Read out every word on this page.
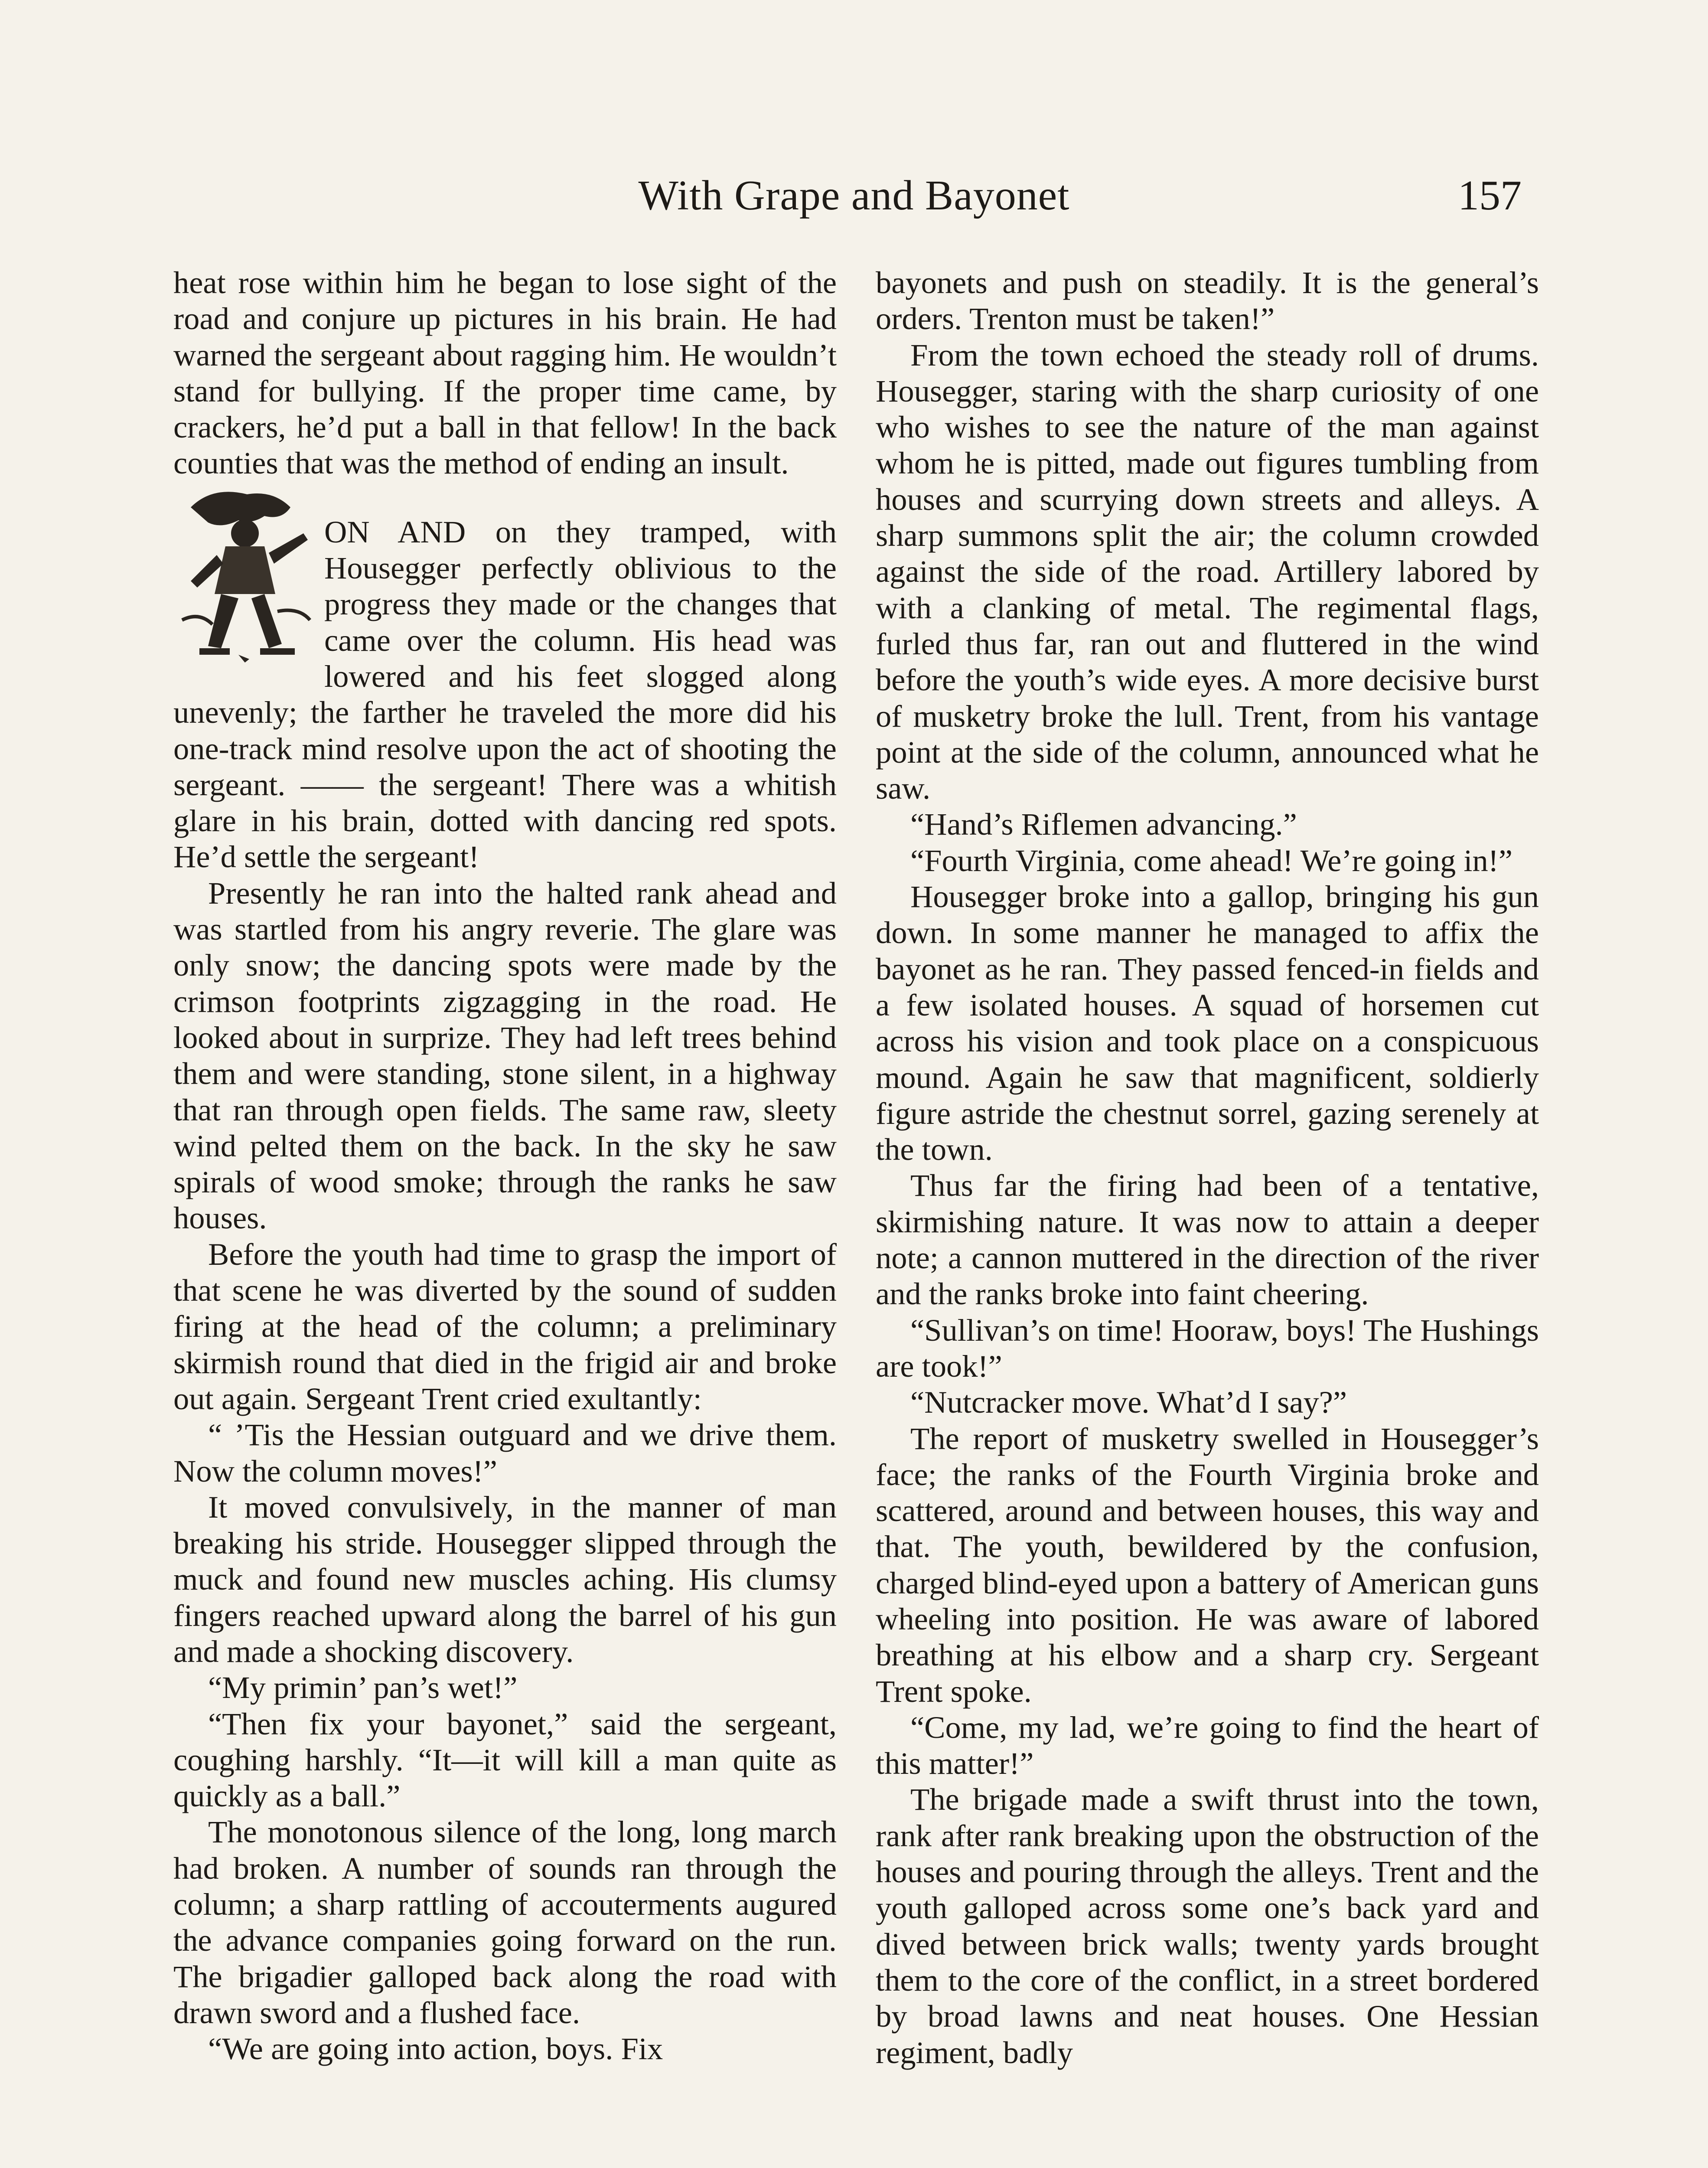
With Grape and Bayonet	157

heat rose within him he began to lose sight of the road and conjure up pictures in his brain. He had warned the sergeant about ragging him. He wouldn’t stand for bullying. If the proper time came, by crackers, he’d put a ball in that fellow! In the back counties that was the method of ending an insult.

ON AND on they tramped, with Housegger perfectly oblivious to the progress they made or the changes that came over the column. His head was lowered and his feet slogged along unevenly; the farther he traveled the more did his one-track mind resolve upon the act of shooting the sergeant. —— the sergeant! There was a whitish glare in his brain, dotted with dancing red spots. He’d settle the sergeant!

Presently he ran into the halted rank ahead and was startled from his angry reverie. The glare was only snow; the dancing spots were made by the crimson footprints zigzagging in the road. He looked about in surprize. They had left trees behind them and were standing, stone silent, in a highway that ran through open fields. The same raw, sleety wind pelted them on the back. In the sky he saw spirals of wood smoke; through the ranks he saw houses.

Before the youth had time to grasp the import of that scene he was diverted by the sound of sudden firing at the head of the column; a preliminary skirmish round that died in the frigid air and broke out again. Sergeant Trent cried exultantly:

“ ’Tis the Hessian outguard and we drive them. Now the column moves!”

It moved convulsively, in the manner of man breaking his stride. Housegger slipped through the muck and found new muscles aching. His clumsy fingers reached upward along the barrel of his gun and made a shocking discovery.

“My primin’ pan’s wet!”

“Then fix your bayonet,” said the sergeant, coughing harshly. “It—it will kill a man quite as quickly as a ball.”

The monotonous silence of the long, long march had broken. A number of sounds ran through the column; a sharp rattling of accouterments augured the advance companies going forward on the run. The brigadier galloped back along the road with drawn sword and a flushed face.

“We are going into action, boys. Fix

bayonets and push on steadily. It is the general’s orders. Trenton must be taken!”

From the town echoed the steady roll of drums. Housegger, staring with the sharp curiosity of one who wishes to see the nature of the man against whom he is pitted, made out figures tumbling from houses and scurrying down streets and alleys. A sharp summons split the air; the column crowded against the side of the road. Artillery labored by with a clanking of metal. The regimental flags, furled thus far, ran out and fluttered in the wind before the youth’s wide eyes. A more decisive burst of musketry broke the lull. Trent, from his vantage point at the side of the column, announced what he saw.

“Hand’s Riflemen advancing.”

“Fourth Virginia, come ahead! We’re going in!”

Housegger broke into a gallop, bringing his gun down. In some manner he managed to affix the bayonet as he ran. They passed fenced-in fields and a few isolated houses. A squad of horsemen cut across his vision and took place on a conspicuous mound. Again he saw that magnificent, soldierly figure astride the chestnut sorrel, gazing serenely at the town.

Thus far the firing had been of a tentative, skirmishing nature. It was now to attain a deeper note; a cannon muttered in the direction of the river and the ranks broke into faint cheering.

“Sullivan’s on time! Hooraw, boys! The Hushings are took!”

“Nutcracker move. What’d I say?”

The report of musketry swelled in Housegger’s face; the ranks of the Fourth Virginia broke and scattered, around and between houses, this way and that. The youth, bewildered by the confusion, charged blind-eyed upon a battery of American guns wheeling into position. He was aware of labored breathing at his elbow and a sharp cry. Sergeant Trent spoke.

“Come, my lad, we’re going to find the heart of this matter!”

The brigade made a swift thrust into the town, rank after rank breaking upon the obstruction of the houses and pouring through the alleys. Trent and the youth galloped across some one’s back yard and dived between brick walls; twenty yards brought them to the core of the conflict, in a street bordered by broad lawns and neat houses. One Hessian regiment, badly
